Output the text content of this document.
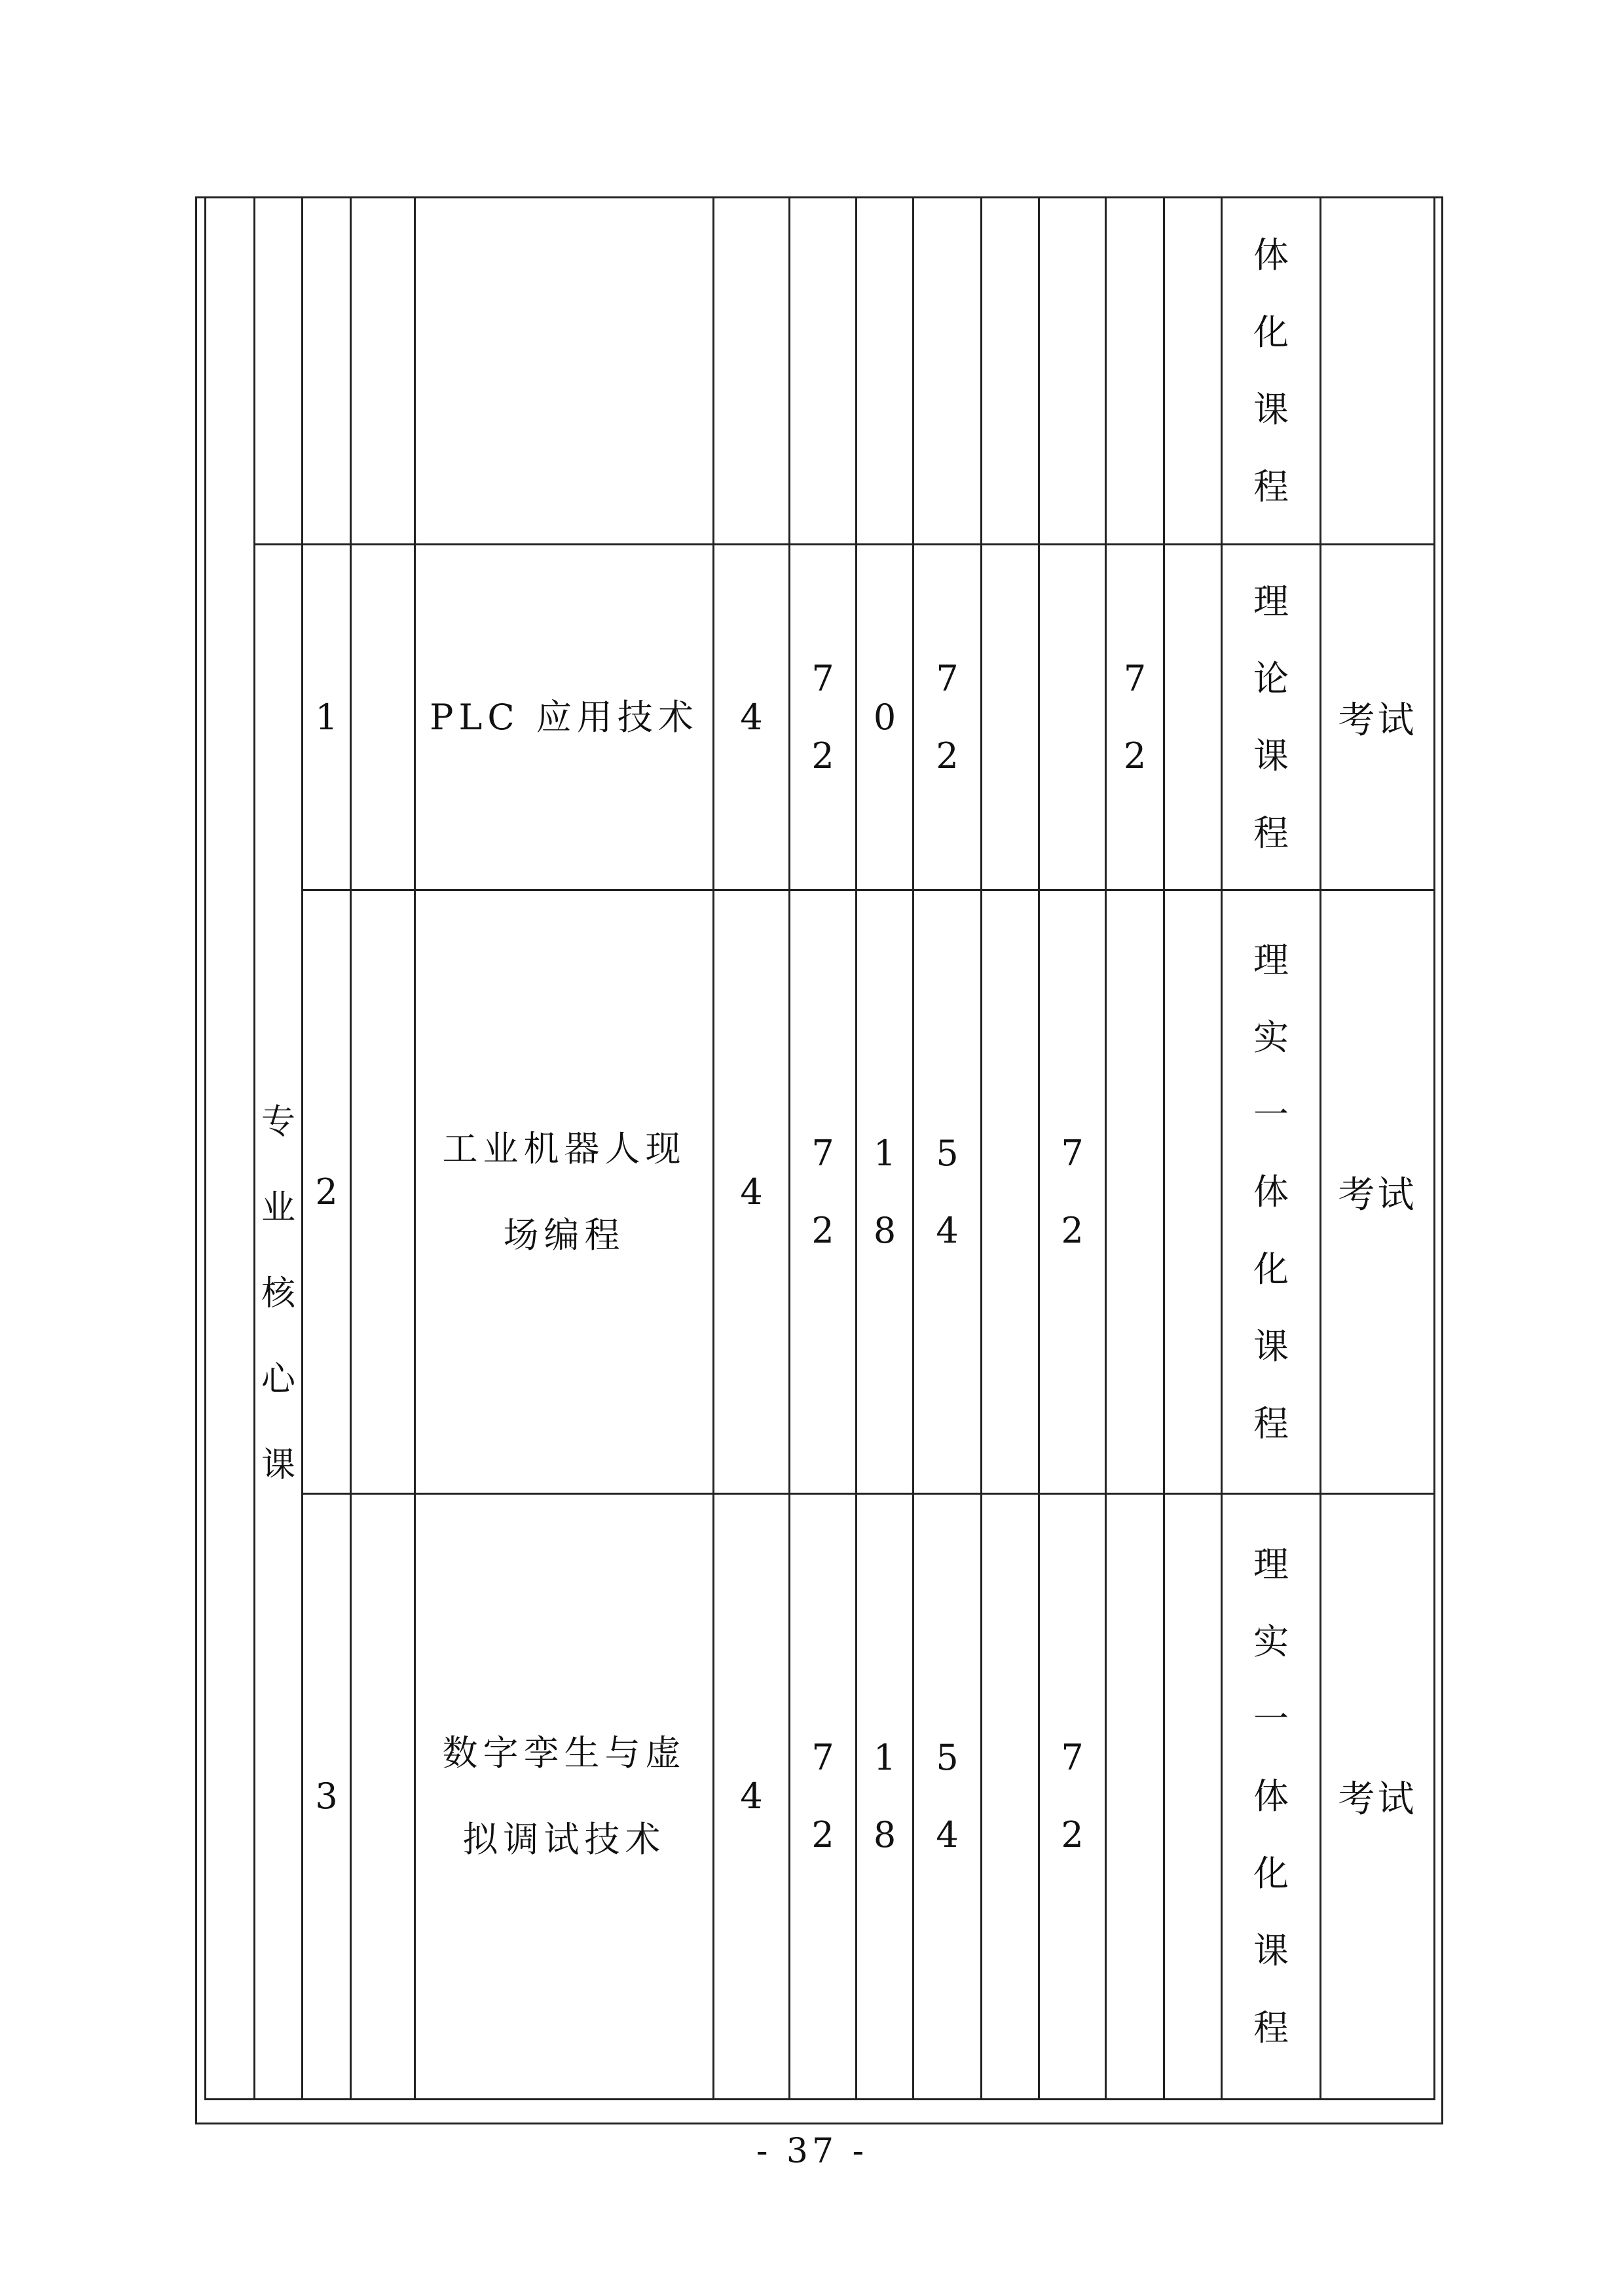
体
化
课
程
专
业
核
心
课
1	PLC 应用技术 4
7
2
0
7
2
7
2
理
论
课
程
考试
2
工业机器人现
场编程
4
7
2
1
8
5
4
7
2
理
实
一
体
化
课
程
考试
3
数字孪生与虚
拟调试技术
4
7
2
1
8
5
4
7
2
理
实
一
体
化
课
程
考试
- 37 -
